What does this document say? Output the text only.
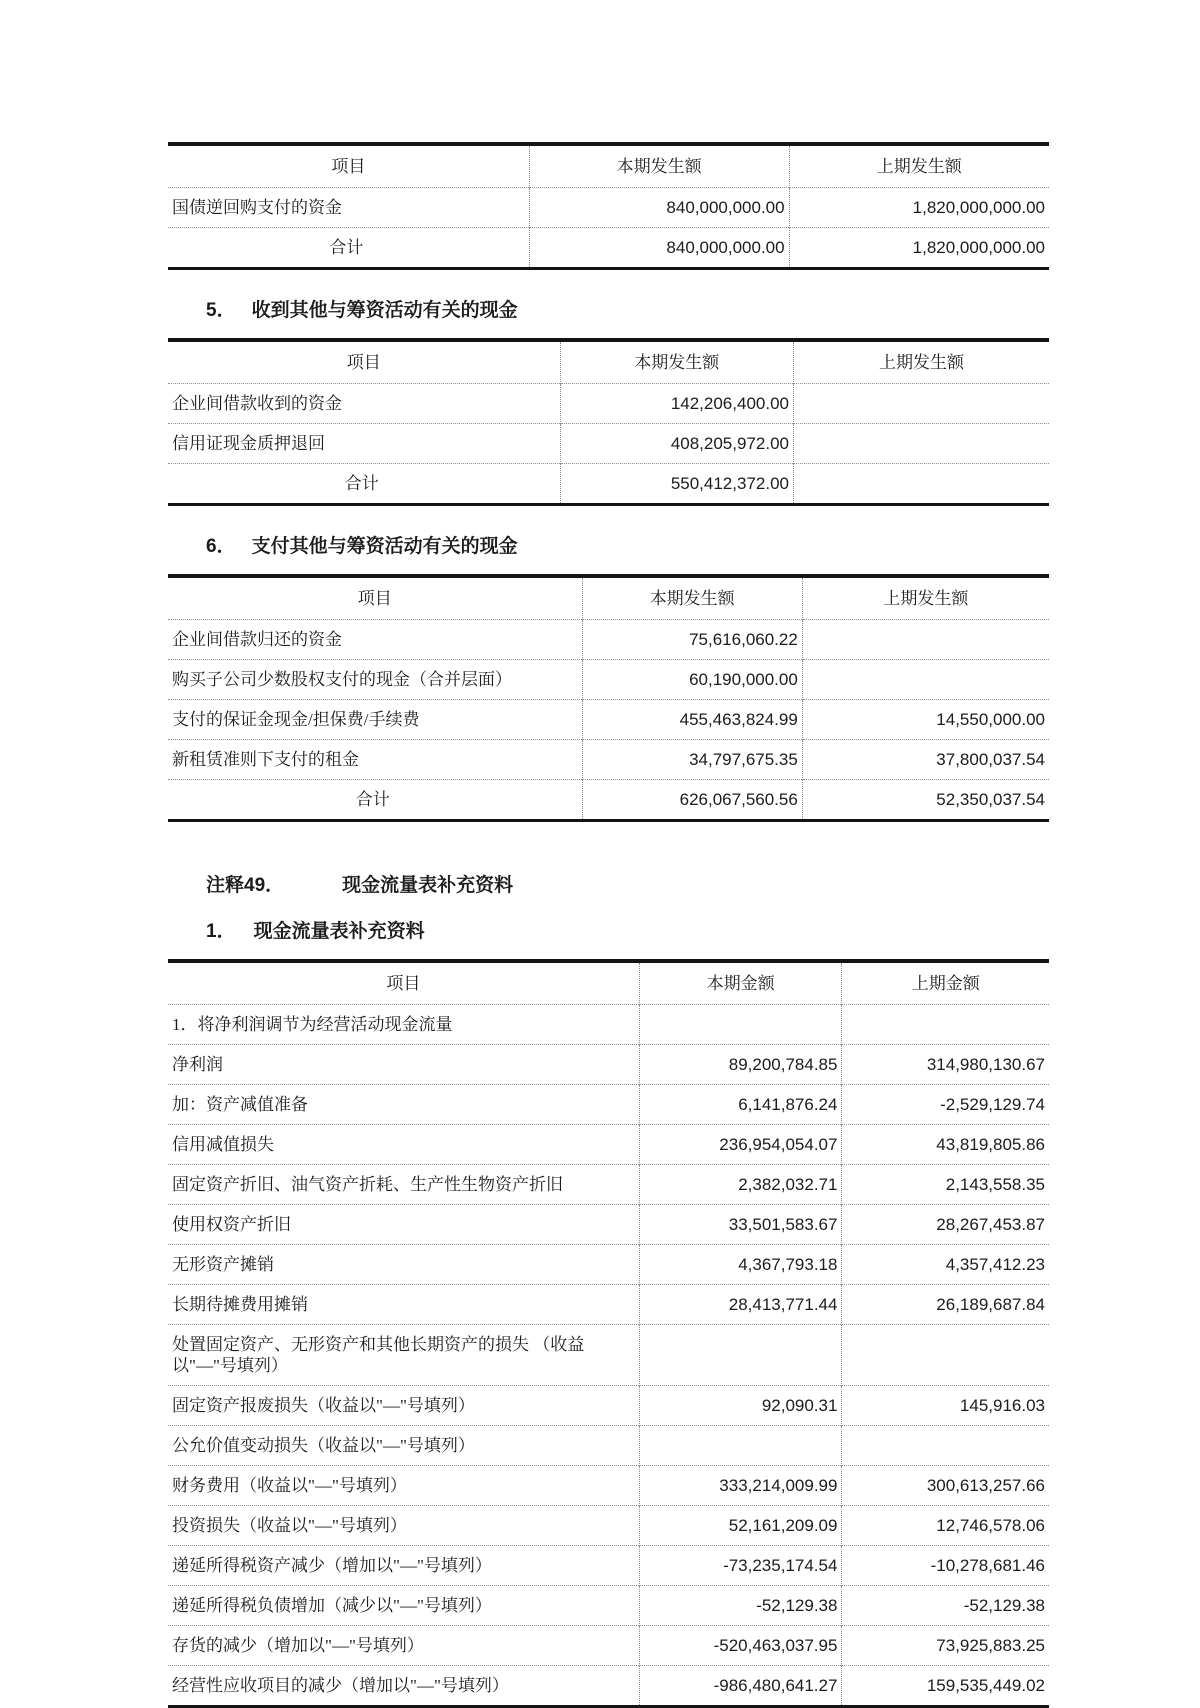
项目	本期发生额	上期发生额
国债逆回购支付的资金	840,000,000.00	1,820,000,000.00
合计	840,000,000.00	1,820,000,000.00
5． 收到其他与筹资活动有关的现金
项目	本期发生额	上期发生额
企业间借款收到的资金	142,206,400.00	
信用证现金质押退回	408,205,972.00	
合计	550,412,372.00	
6． 支付其他与筹资活动有关的现金
项目	本期发生额	上期发生额
企业间借款归还的资金	75,616,060.22	
购买子公司少数股权支付的现金（合并层面）	60,190,000.00	
支付的保证金现金/担保费/手续费	455,463,824.99	14,550,000.00
新租赁准则下支付的租金	34,797,675.35	37,800,037.54
合计	626,067,560.56	52,350,037.54
注释49．	现金流量表补充资料
1． 现金流量表补充资料
项目	本期金额	上期金额
1．将净利润调节为经营活动现金流量		
净利润	89,200,784.85	314,980,130.67
加：资产减值准备	6,141,876.24	-2,529,129.74
信用减值损失	236,954,054.07	43,819,805.86
固定资产折旧、油气资产折耗、生产性生物资产折旧	2,382,032.71	2,143,558.35
使用权资产折旧	33,501,583.67	28,267,453.87
无形资产摊销	4,367,793.18	4,357,412.23
长期待摊费用摊销	28,413,771.44	26,189,687.84
处置固定资产、无形资产和其他长期资产的损失 （收益以"—"号填列）		
固定资产报废损失（收益以"—"号填列）	92,090.31	145,916.03
公允价值变动损失（收益以"—"号填列）		
财务费用（收益以"—"号填列）	333,214,009.99	300,613,257.66
投资损失（收益以"—"号填列）	52,161,209.09	12,746,578.06
递延所得税资产减少（增加以"—"号填列）	-73,235,174.54	-10,278,681.46
递延所得税负债增加（减少以"—"号填列）	-52,129.38	-52,129.38
存货的减少（增加以"—"号填列）	-520,463,037.95	73,925,883.25
经营性应收项目的减少（增加以"—"号填列）	-986,480,641.27	159,535,449.02
